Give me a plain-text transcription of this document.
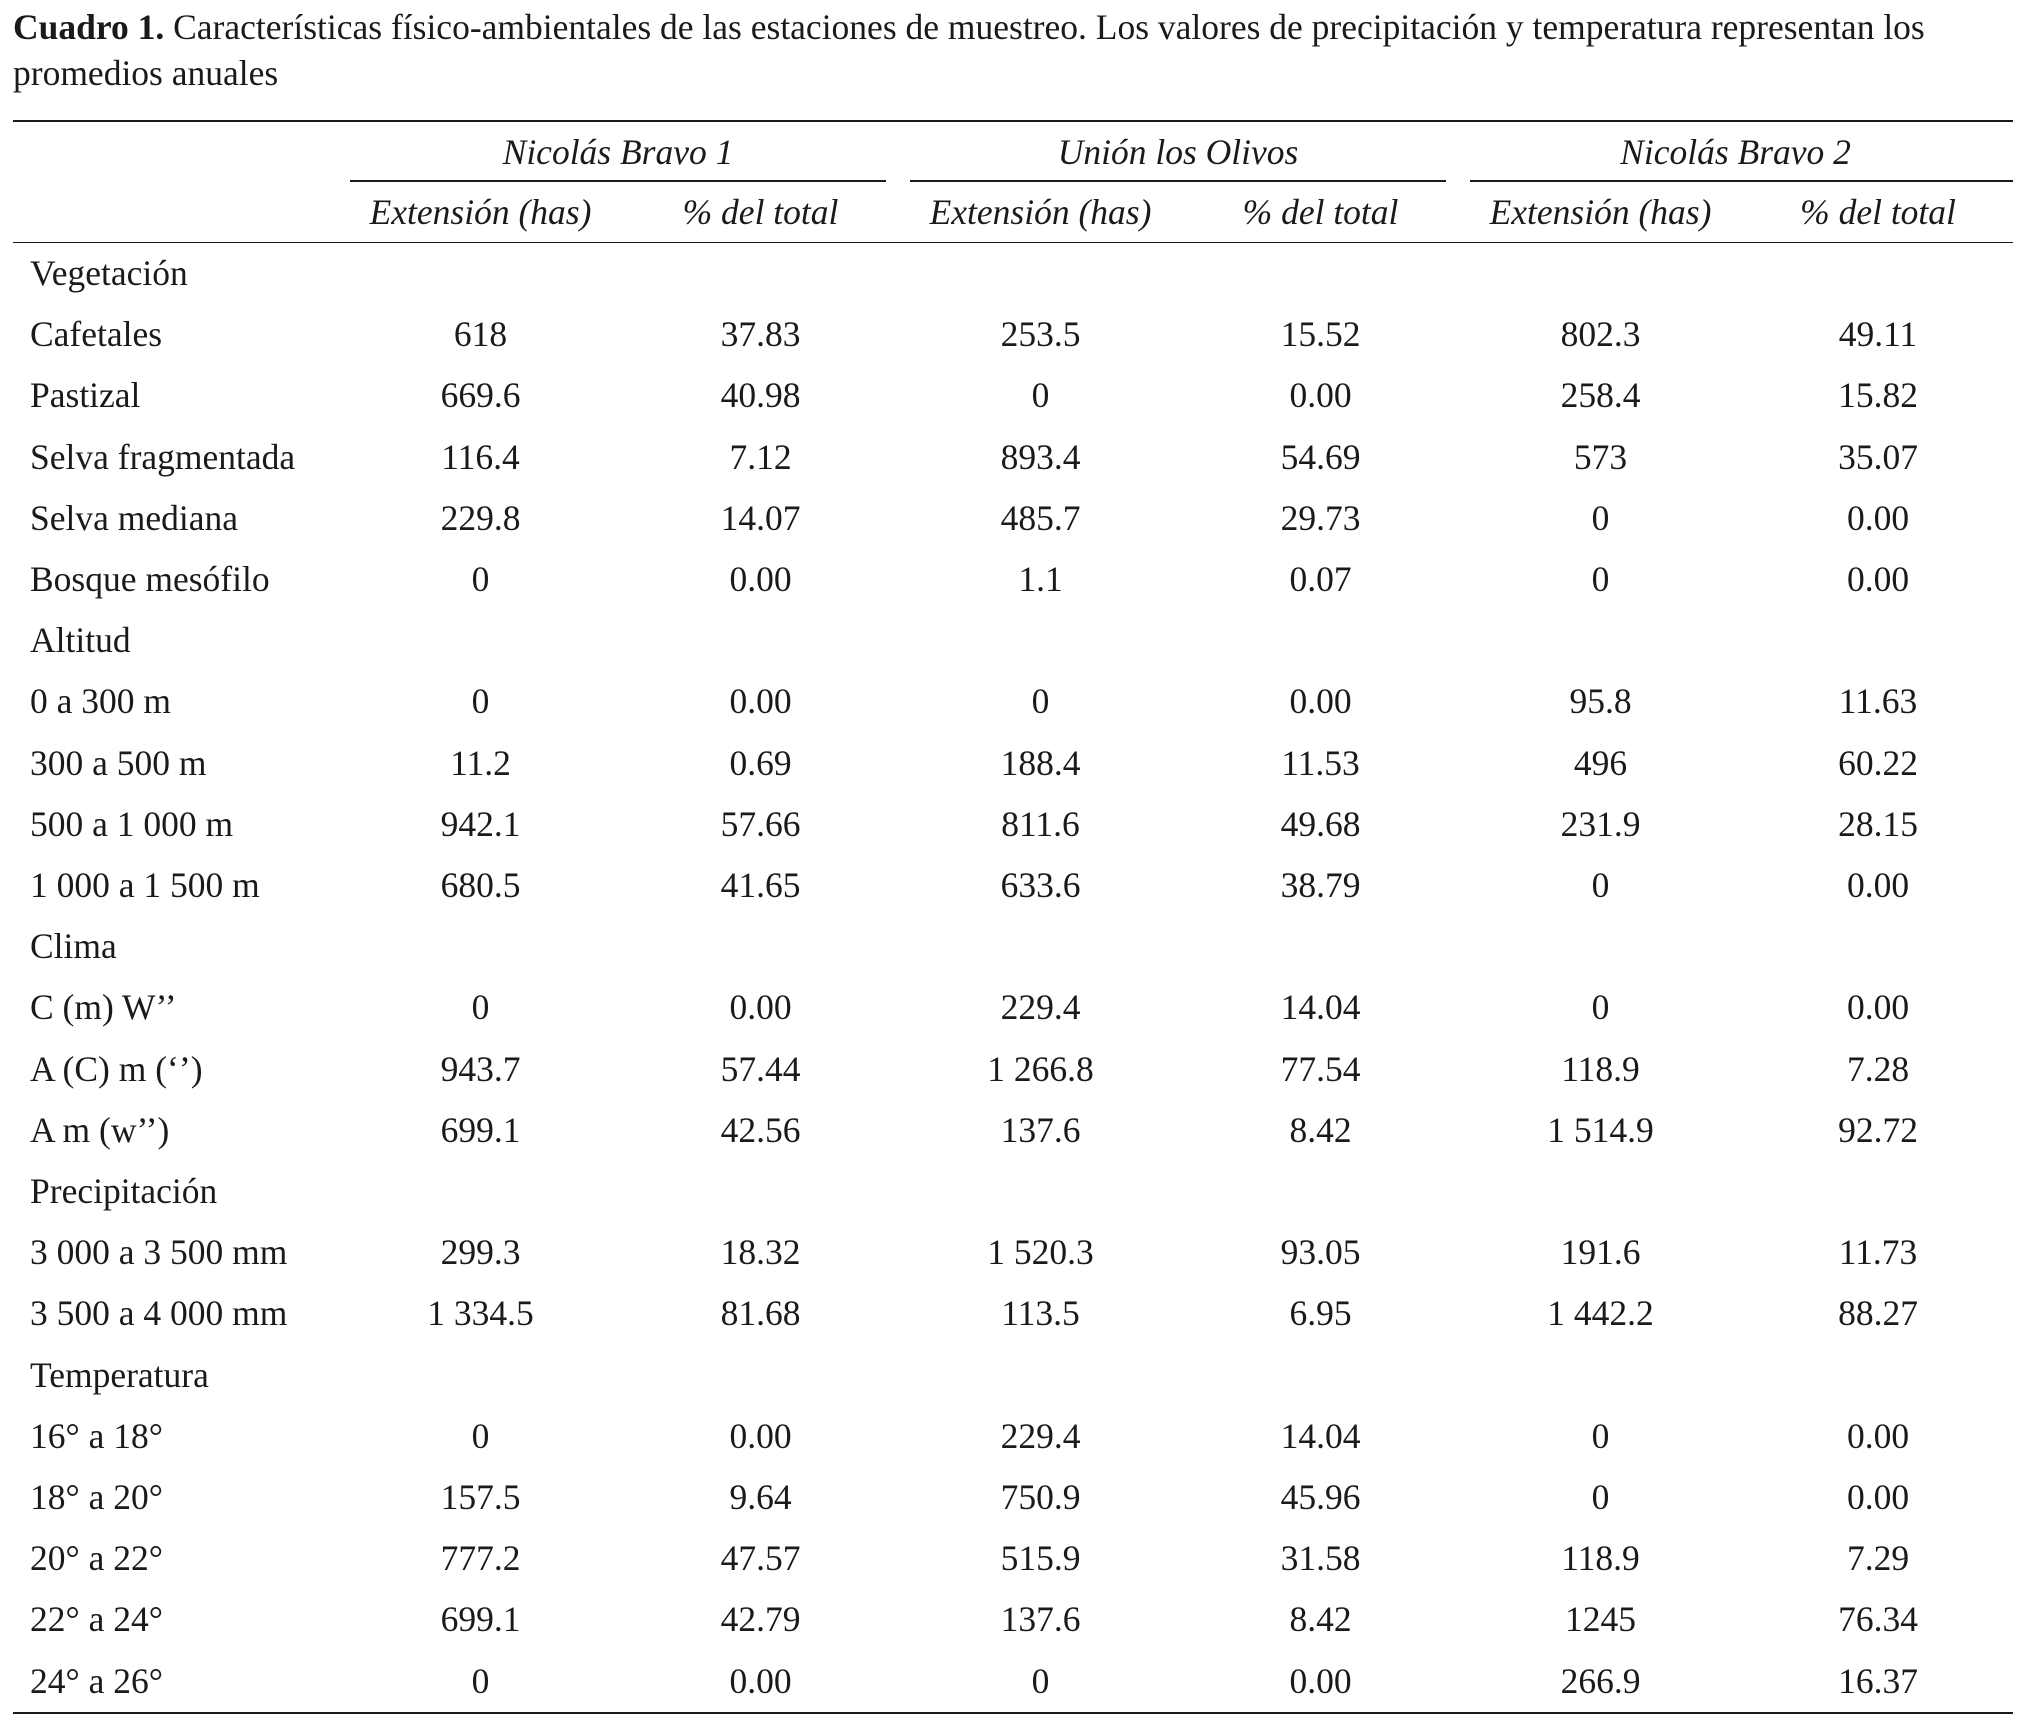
Cuadro 1. Características físico-ambientales de las estaciones de muestreo. Los valores de precipitación y temperatura representan los promedios anuales
	Nicolás Bravo 1		Unión los Olivos		Nicolás Bravo 2	

	Extensión (has)	% del total	Extensión (has)	% del total	Extensión (has)	% del total
Vegetación						
Cafetales	618	37.83	253.5	15.52	802.3	49.11
Pastizal	669.6	40.98	0	0.00	258.4	15.82
Selva fragmentada	116.4	7.12	893.4	54.69	573	35.07
Selva mediana	229.8	14.07	485.7	29.73	0	0.00
Bosque mesófilo	0	0.00	1.1	0.07	0	0.00
Altitud						
0 a 300 m	0	0.00	0	0.00	95.8	11.63
300 a 500 m	11.2	0.69	188.4	11.53	496	60.22
500 a 1 000 m	942.1	57.66	811.6	49.68	231.9	28.15
1 000 a 1 500 m	680.5	41.65	633.6	38.79	0	0.00
Clima						
C (m) W’’	0	0.00	229.4	14.04	0	0.00
A (C) m (‘’)	943.7	57.44	1 266.8	77.54	118.9	7.28
A m (w’’)	699.1	42.56	137.6	8.42	1 514.9	92.72
Precipitación						
3 000 a 3 500 mm	299.3	18.32	1 520.3	93.05	191.6	11.73
3 500 a 4 000 mm	1 334.5	81.68	113.5	6.95	1 442.2	88.27
Temperatura						
16° a 18°	0	0.00	229.4	14.04	0	0.00
18° a 20°	157.5	9.64	750.9	45.96	0	0.00
20° a 22°	777.2	47.57	515.9	31.58	118.9	7.29
22° a 24°	699.1	42.79	137.6	8.42	1245	76.34
24° a 26°	0	0.00	0	0.00	266.9	16.37
